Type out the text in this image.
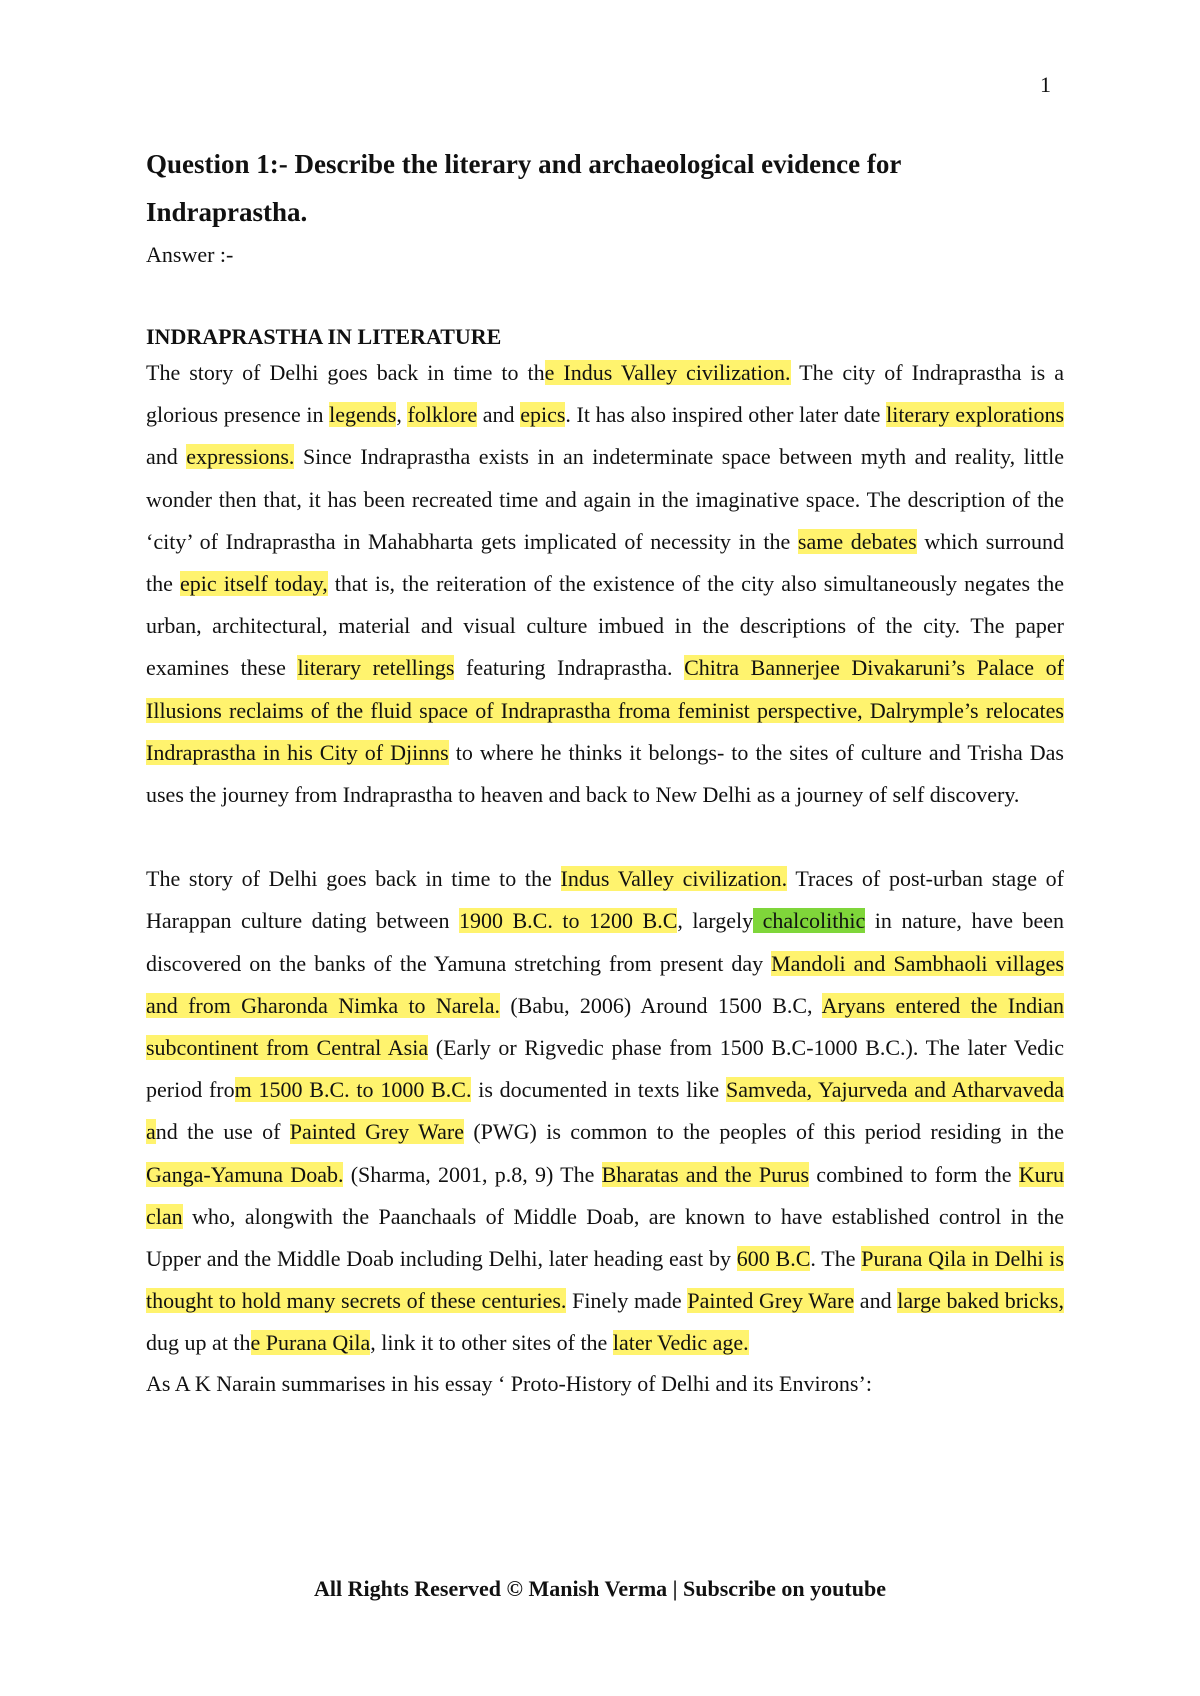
1
Question 1:- Describe the literary and archaeological evidence for Indraprastha.

Answer :-

INDRAPRASTHA IN LITERATURE

The story of Delhi goes back in time to the Indus Valley civilization. The city of Indraprastha is a glorious presence in legends, folklore and epics. It has also inspired other later date literary explorations and expressions. Since Indraprastha exists in an indeterminate space between myth and reality, little wonder then that, it has been recreated time and again in the imaginative space. The description of the ‘city’ of Indraprastha in Mahabharta gets implicated of necessity in the same debates which surround the epic itself today, that is, the reiteration of the existence of the city also simultaneously negates the urban, architectural, material and visual culture imbued in the descriptions of the city. The paper examines these literary retellings featuring Indraprastha. Chitra Bannerjee Divakaruni’s Palace of Illusions reclaims of the fluid space of Indraprastha froma feminist perspective, Dalrymple’s relocates Indraprastha in his City of Djinns to where he thinks it belongs- to the sites of culture and Trisha Das uses the journey from Indraprastha to heaven and back to New Delhi as a journey of self discovery.

The story of Delhi goes back in time to the Indus Valley civilization. Traces of post-urban stage of Harappan culture dating between 1900 B.C. to 1200 B.C, largely chalcolithic in nature, have been discovered on the banks of the Yamuna stretching from present day Mandoli and Sambhaoli villages and from Gharonda Nimka to Narela. (Babu, 2006) Around 1500 B.C, Aryans entered the Indian subcontinent from Central Asia (Early or Rigvedic phase from 1500 B.C-1000 B.C.). The later Vedic period from 1500 B.C. to 1000 B.C. is documented in texts like Samveda, Yajurveda and Atharvaveda and the use of Painted Grey Ware (PWG) is common to the peoples of this period residing in the Ganga-Yamuna Doab. (Sharma, 2001, p.8, 9) The Bharatas and the Purus combined to form the Kuru clan who, alongwith the Paanchaals of Middle Doab, are known to have established control in the Upper and the Middle Doab including Delhi, later heading east by 600 B.C. The Purana Qila in Delhi is thought to hold many secrets of these centuries. Finely made Painted Grey Ware and large baked bricks, dug up at the Purana Qila, link it to other sites of the later Vedic age.

As A K Narain summarises in his essay ‘ Proto-History of Delhi and its Environs’:

All Rights Reserved © Manish Verma | Subscribe on youtube
